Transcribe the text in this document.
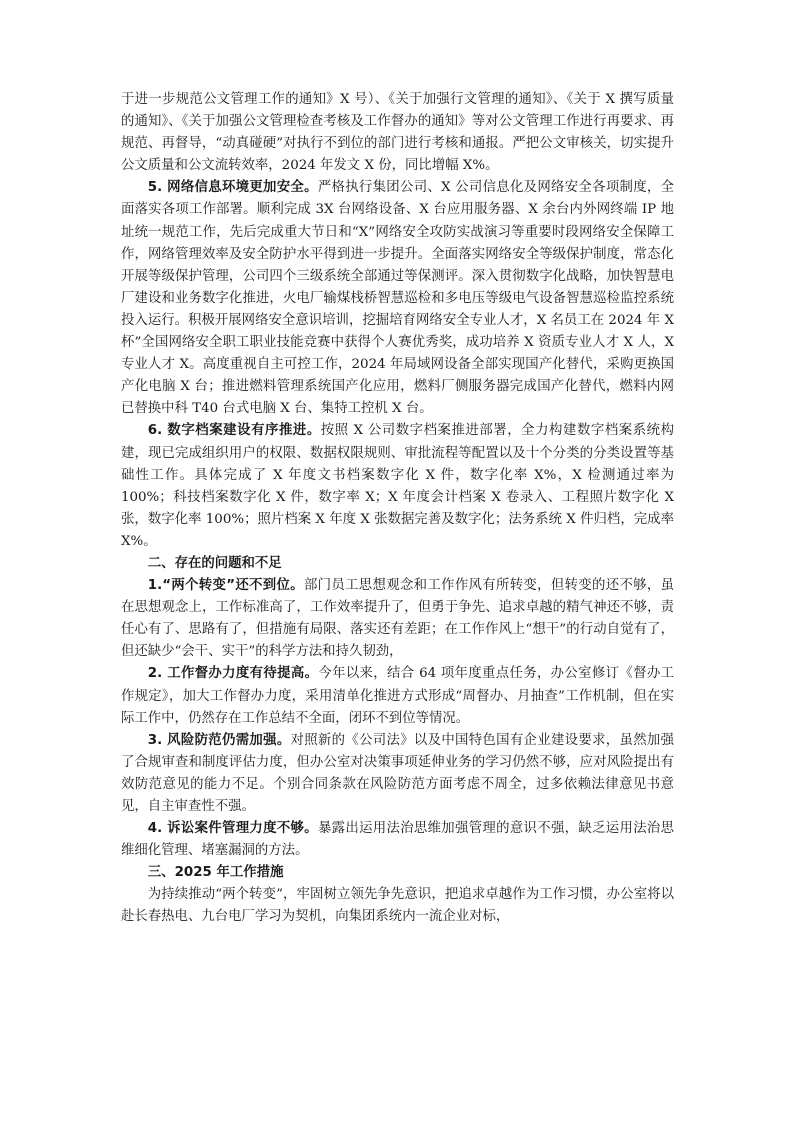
于进一步规范公文管理工作的通知》X 号）、《关于加强行文管理的通知》、《关于 X 撰写质量的通知》、《关于加强公文管理检查考核及工作督办的通知》等对公文管理工作进行再要求、再规范、再督导，“动真碰硬”对执行不到位的部门进行考核和通报。严把公文审核关，切实提升公文质量和公文流转效率，2024 年发文 X 份，同比增幅 X%。

5. 网络信息环境更加安全。严格执行集团公司、X 公司信息化及网络安全各项制度，全面落实各项工作部署。顺利完成 3X 台网络设备、X 台应用服务器、X 余台内外网终端 IP 地址统一规范工作，先后完成重大节日和“X”网络安全攻防实战演习等重要时段网络安全保障工作，网络管理效率及安全防护水平得到进一步提升。全面落实网络安全等级保护制度，常态化开展等级保护管理，公司四个三级系统全部通过等保测评。深入贯彻数字化战略，加快智慧电厂建设和业务数字化推进，火电厂输煤栈桥智慧巡检和多电压等级电气设备智慧巡检监控系统投入运行。积极开展网络安全意识培训，挖掘培育网络安全专业人才，X 名员工在 2024 年 X 杯”全国网络安全职工职业技能竞赛中获得个人赛优秀奖，成功培养 X 资质专业人才 X 人，X 专业人才 X。高度重视自主可控工作，2024 年局域网设备全部实现国产化替代，采购更换国产化电脑 X 台；推进燃料管理系统国产化应用，燃料厂侧服务器完成国产化替代，燃料内网已替换中科 T40 台式电脑 X 台、集特工控机 X 台。

6. 数字档案建设有序推进。按照 X 公司数字档案推进部署，全力构建数字档案系统构建，现已完成组织用户的权限、数据权限规则、审批流程等配置以及十个分类的分类设置等基础性工作。具体完成了 X 年度文书档案数字化 X 件，数字化率 X%，X 检测通过率为 100%；科技档案数字化 X 件，数字率 X；X 年度会计档案 X 卷录入、工程照片数字化 X 张，数字化率 100%；照片档案 X 年度 X 张数据完善及数字化；法务系统 X 件归档，完成率 X%。

二、存在的问题和不足

1.“两个转变”还不到位。部门员工思想观念和工作作风有所转变，但转变的还不够，虽在思想观念上，工作标准高了，工作效率提升了，但勇于争先、追求卓越的精气神还不够，责任心有了、思路有了，但措施有局限、落实还有差距；在工作作风上“想干”的行动自觉有了，但还缺少“会干、实干”的科学方法和持久韧劲，

2. 工作督办力度有待提高。今年以来，结合 64 项年度重点任务，办公室修订《督办工作规定》，加大工作督办力度，采用清单化推进方式形成“周督办、月抽查”工作机制，但在实际工作中，仍然存在工作总结不全面，闭环不到位等情况。

3. 风险防范仍需加强。对照新的《公司法》以及中国特色国有企业建设要求，虽然加强了合规审查和制度评估力度，但办公室对决策事项延伸业务的学习仍然不够，应对风险提出有效防范意见的能力不足。个别合同条款在风险防范方面考虑不周全，过多依赖法律意见书意见，自主审查性不强。

4. 诉讼案件管理力度不够。暴露出运用法治思维加强管理的意识不强，缺乏运用法治思维细化管理、堵塞漏洞的方法。

三、2025 年工作措施

为持续推动“两个转变”，牢固树立领先争先意识，把追求卓越作为工作习惯，办公室将以赴长春热电、九台电厂学习为契机，向集团系统内一流企业对标，
